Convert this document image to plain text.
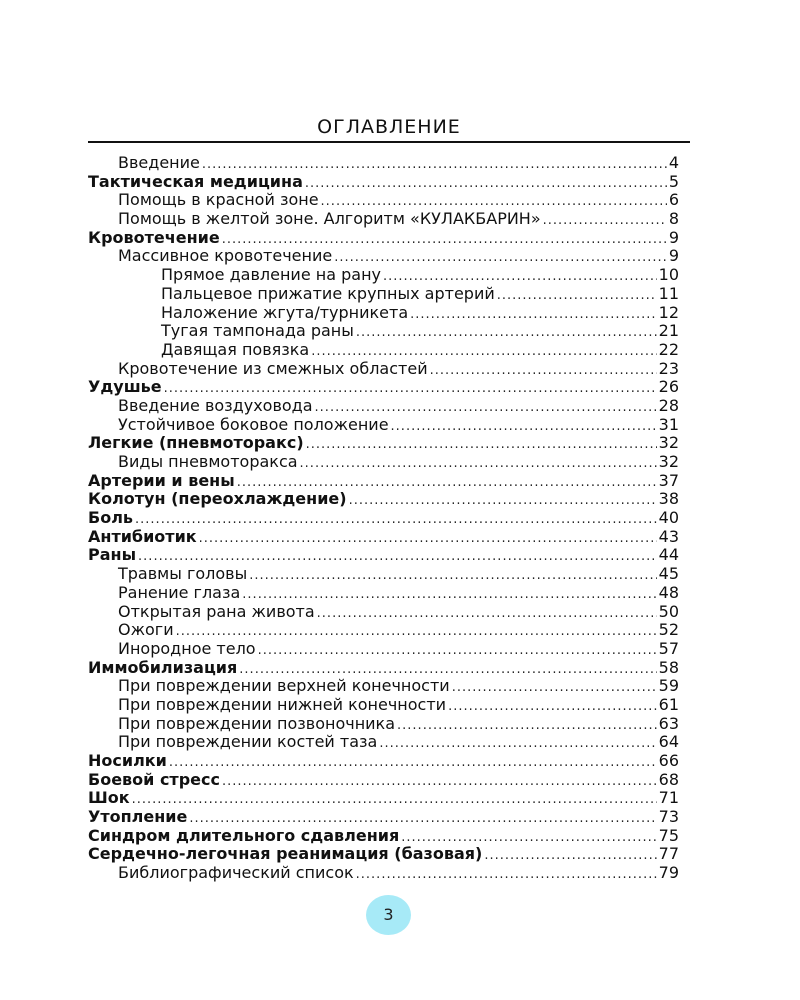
ОГЛАВЛЕНИЕ
Введение .....	4
Тактическая медицина .....	5
Помощь в красной зоне .....	6
Помощь в желтой зоне. Алгоритм «КУЛАКБАРИН» .....	8
Кровотечение .....	9
Массивное кровотечение .....	9
Прямое давление на рану .....	10
Пальцевое прижатие крупных артерий .....	11
Наложение жгута/турникета .....	12
Тугая тампонада раны .....	21
Давящая повязка .....	22
Кровотечение из смежных областей .....	23
Удушье .....	26
Введение воздуховода .....	28
Устойчивое боковое положение .....	31
Легкие (пневмоторакс) .....	32
Виды пневмоторакса .....	32
Артерии и вены .....	37
Колотун (переохлаждение) .....	38
Боль .....	40
Антибиотик .....	43
Раны .....	44
Травмы головы .....	45
Ранение глаза .....	48
Открытая рана живота .....	50
Ожоги .....	52
Инородное тело .....	57
Иммобилизация .....	58
При повреждении верхней конечности .....	59
При повреждении нижней конечности .....	61
При повреждении позвоночника .....	63
При повреждении костей таза .....	64
Носилки .....	66
Боевой стресс .....	68
Шок .....	71
Утопление .....	73
Синдром длительного сдавления .....	75
Сердечно-легочная реанимация (базовая) .....	77
Библиографический список .....	79
3
